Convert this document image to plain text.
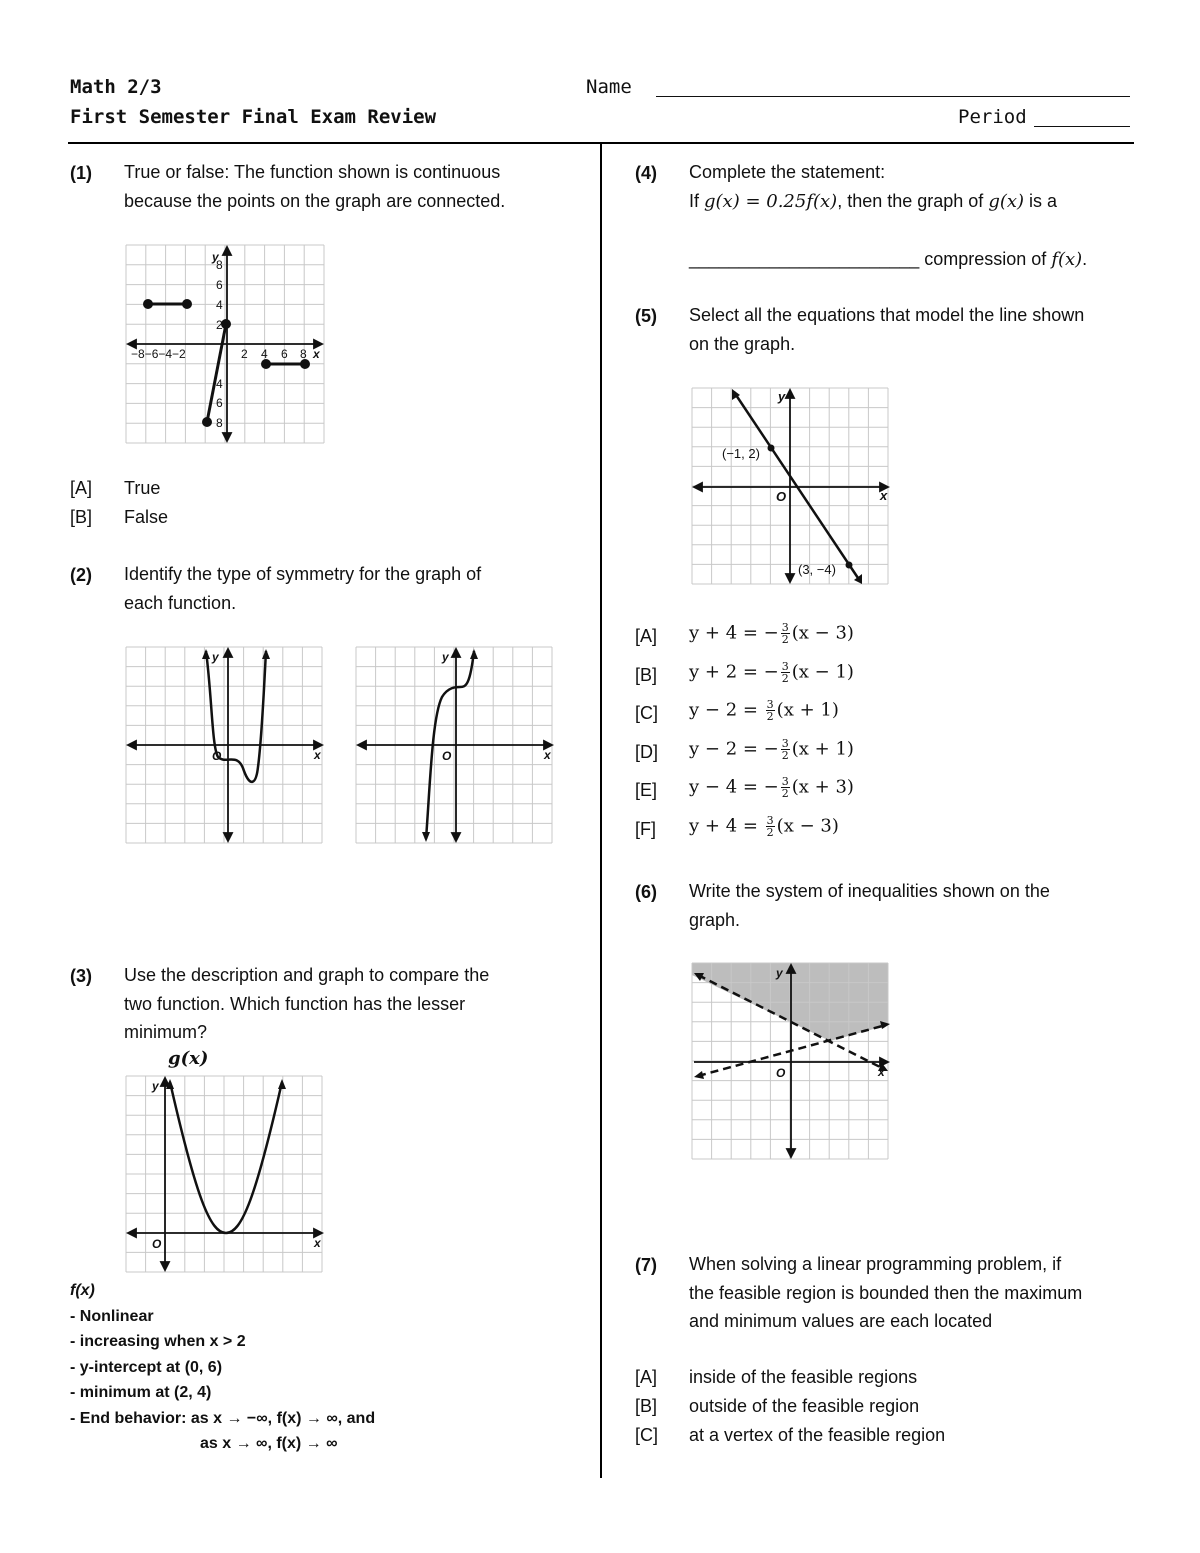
Math 2/3
First Semester Final Exam Review
Name
Period
(1) True or false: The function shown is continuous
because the points on the graph are connected.
y
8
6
4
2
4
6
8
−8−6−4−2	2 4 6 8 x
[A] True
[B] False
(2) Identify the type of symmetry for the graph of
each function.
y
x
O
y
x
O
(3) Use the description and graph to compare the
two function. Which function has the lesser
minimum?
g(x)
y
x
O
f(x)
- Nonlinear
- increasing when x > 2
- y-intercept at (0, 6)
- minimum at (2, 4)
- End behavior: as x → −∞, f(x) → ∞, and
as x → ∞, f(x) → ∞
(4) Complete the statement:
If g(x) = 0.25f(x), then the graph of g(x) is a
_______________________ compression of f(x).
(5) Select all the equations that model the line shown
on the graph.
(−1, 2)
(3, −4)
y
x
O
[A] y + 4 = − $\frac{3}{2} (x - 3)$
[B] y + 2 = − $\frac{3}{2} (x - 1)$
[C] $y - 2 = \frac{3}{2} (x + 1)$
[D] y − 2 = − $\frac{3}{2} (x + 1)$
[E] y − 4 = − $\frac{3}{2} (x + 3)$
[F] $y + 4 = \frac{3}{2} (x - 3)$
(6) Write the system of inequalities shown on the
graph.
y
x
O
(7) When solving a linear programming problem, if
the feasible region is bounded then the maximum
and minimum values are each located
[A] inside of the feasible regions
[B] outside of the feasible region
[C] at a vertex of the feasible region
